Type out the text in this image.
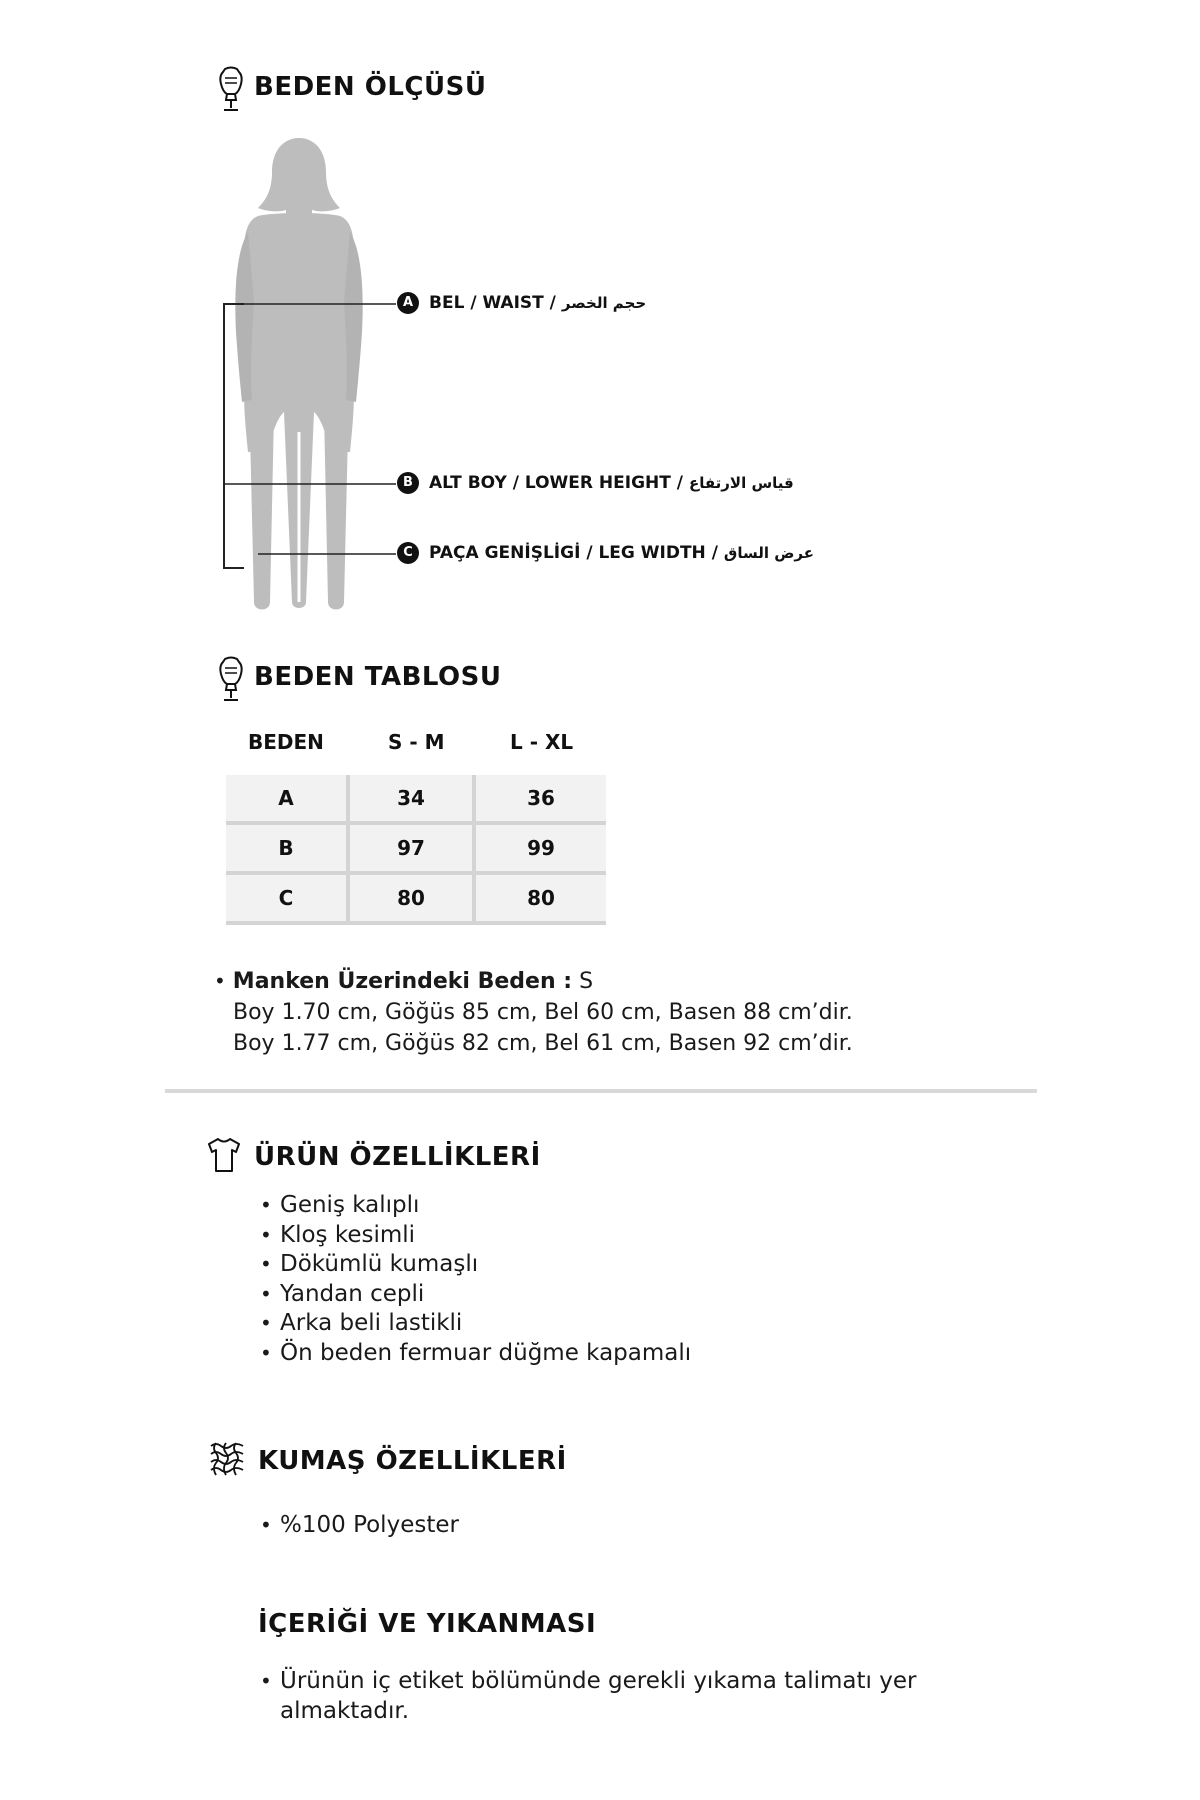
BEDEN ÖLÇÜSÜ
A BEL / WAIST / حجم الخصر
B ALT BOY / LOWER HEIGHT / قياس الارتفاع
C PAÇA GENİŞLİGİ / LEG WIDTH / عرض الساق
BEDEN TABLOSU
BEDEN	S - M	L - XL
A	34	36
B	97	99
C	80	80
• Manken Üzerindeki Beden : S
Boy 1.70 cm, Göğüs 85 cm, Bel 60 cm, Basen 88 cm’dir.
Boy 1.77 cm, Göğüs 82 cm, Bel 61 cm, Basen 92 cm’dir.
ÜRÜN ÖZELLİKLERİ
• Geniş kalıplı
• Kloş kesimli
• Dökümlü kumaşlı
• Yandan cepli
• Arka beli lastikli
• Ön beden fermuar düğme kapamalı
KUMAŞ ÖZELLİKLERİ
• %100 Polyester
İÇERİĞİ VE YIKANMASI
• Ürünün iç etiket bölümünde gerekli yıkama talimatı yer
almaktadır.
